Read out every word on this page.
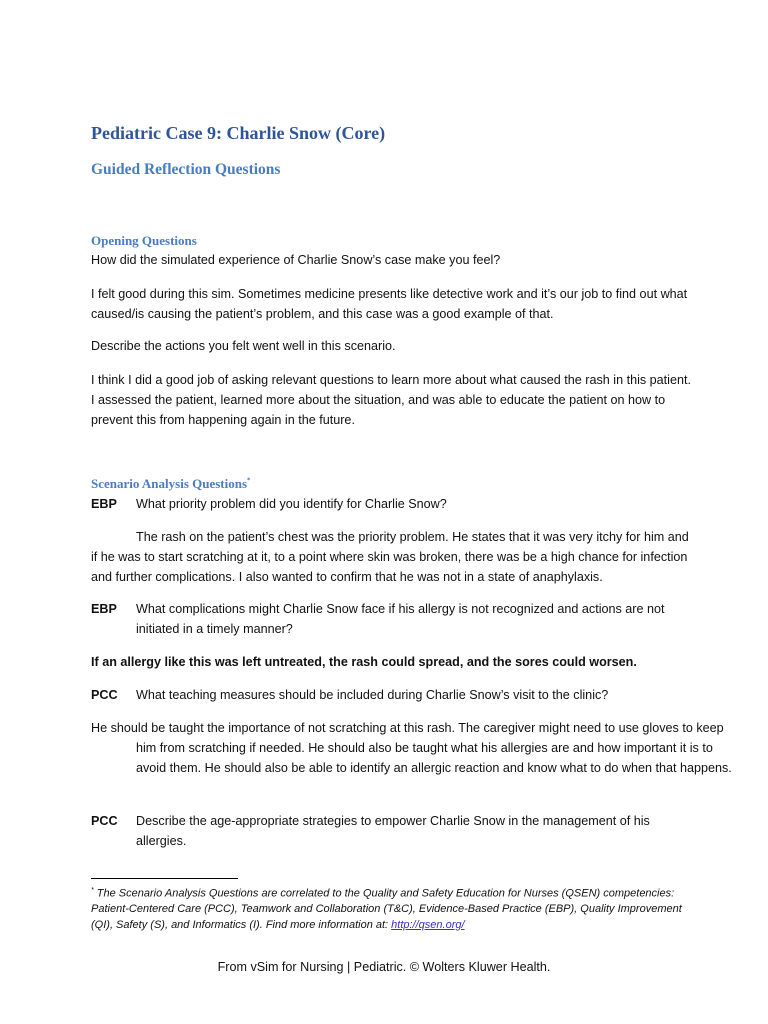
Pediatric Case 9: Charlie Snow (Core)
Guided Reflection Questions
Opening Questions

How did the simulated experience of Charlie Snow’s case make you feel?

I felt good during this sim. Sometimes medicine presents like detective work and it’s our job to find out what caused/is causing the patient’s problem, and this case was a good example of that.

Describe the actions you felt went well in this scenario.

I think I did a good job of asking relevant questions to learn more about what caused the rash in this patient. I assessed the patient, learned more about the situation, and was able to educate the patient on how to prevent this from happening again in the future.

Scenario Analysis Questions*
EBP What priority problem did you identify for Charlie Snow?

The rash on the patient’s chest was the priority problem. He states that it was very itchy for him and if he was to start scratching at it, to a point where skin was broken, there was be a high chance for infection and further complications. I also wanted to confirm that he was not in a state of anaphylaxis.

EBP What complications might Charlie Snow face if his allergy is not recognized and actions are not initiated in a timely manner?

If an allergy like this was left untreated, the rash could spread, and the sores could worsen.

PCC What teaching measures should be included during Charlie Snow’s visit to the clinic?

He should be taught the importance of not scratching at this rash. The caregiver might need to use gloves to keep him from scratching if needed. He should also be taught what his allergies are and how important it is to avoid them. He should also be able to identify an allergic reaction and know what to do when that happens.

PCC Describe the age-appropriate strategies to empower Charlie Snow in the management of his allergies.

* The Scenario Analysis Questions are correlated to the Quality and Safety Education for Nurses (QSEN) competencies: Patient-Centered Care (PCC), Teamwork and Collaboration (T&C), Evidence-Based Practice (EBP), Quality Improvement (QI), Safety (S), and Informatics (I). Find more information at: http://qsen.org/

From vSim for Nursing | Pediatric. © Wolters Kluwer Health.
